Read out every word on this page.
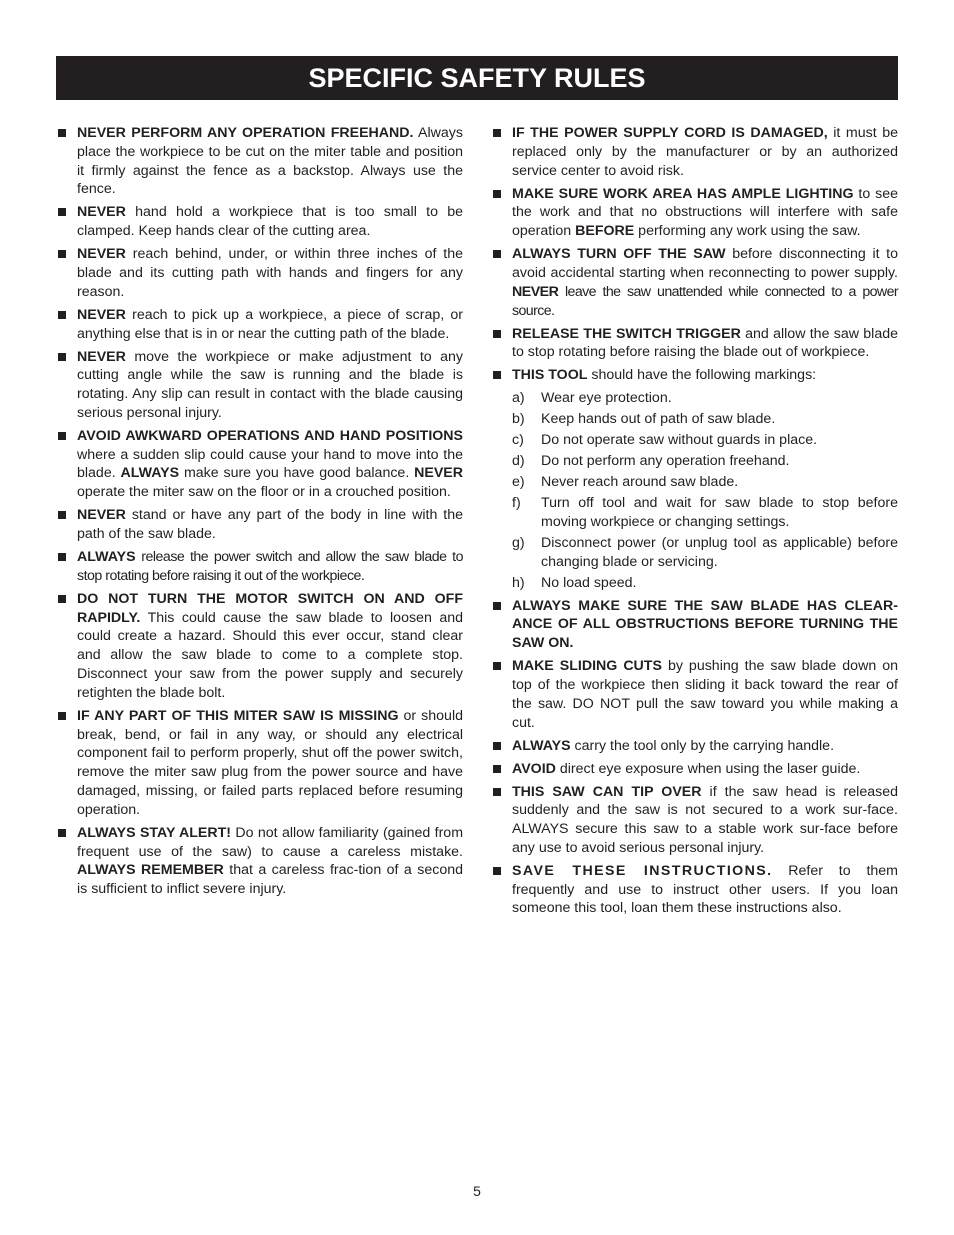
SPECIFIC SAFETY RULES
NEVER PERFORM ANY OPERATION FREEHAND. Always place the workpiece to be cut on the miter table and position it firmly against the fence as a backstop. Always use the fence.
NEVER hand hold a workpiece that is too small to be clamped. Keep hands clear of the cutting area.
NEVER reach behind, under, or within three inches of the blade and its cutting path with hands and fingers for any reason.
NEVER reach to pick up a workpiece, a piece of scrap, or anything else that is in or near the cutting path of the blade.
NEVER move the workpiece or make adjustment to any cutting angle while the saw is running and the blade is rotating. Any slip can result in contact with the blade causing serious personal injury.
AVOID AWKWARD OPERATIONS AND HAND POSITIONS where a sudden slip could cause your hand to move into the blade. ALWAYS make sure you have good balance. NEVER operate the miter saw on the floor or in a crouched position.
NEVER stand or have any part of the body in line with the path of the saw blade.
ALWAYS release the power switch and allow the saw blade to stop rotating before raising it out of the workpiece.
DO NOT TURN THE MOTOR SWITCH ON AND OFF RAPIDLY. This could cause the saw blade to loosen and could create a hazard. Should this ever occur, stand clear and allow the saw blade to come to a complete stop. Disconnect your saw from the power supply and securely retighten the blade bolt.
IF ANY PART OF THIS MITER SAW IS MISSING or should break, bend, or fail in any way, or should any electrical component fail to perform properly, shut off the power switch, remove the miter saw plug from the power source and have damaged, missing, or failed parts replaced before resuming operation.
ALWAYS STAY ALERT! Do not allow familiarity (gained from frequent use of the saw) to cause a careless mistake. ALWAYS REMEMBER that a careless frac-tion of a second is sufficient to inflict severe injury.
IF THE POWER SUPPLY CORD IS DAMAGED, it must be replaced only by the manufacturer or by an authorized service center to avoid risk.
MAKE SURE WORK AREA HAS AMPLE LIGHTING to see the work and that no obstructions will interfere with safe operation BEFORE performing any work using the saw.
ALWAYS TURN OFF THE SAW before disconnecting it to avoid accidental starting when reconnecting to power supply. NEVER leave the saw unattended while connected to a power source.
RELEASE THE SWITCH TRIGGER and allow the saw blade to stop rotating before raising the blade out of workpiece.
THIS TOOL should have the following markings:
a) Wear eye protection.
b) Keep hands out of path of saw blade.
c) Do not operate saw without guards in place.
d) Do not perform any operation freehand.
e) Never reach around saw blade.
f) Turn off tool and wait for saw blade to stop before moving workpiece or changing settings.
g) Disconnect power (or unplug tool as applicable) before changing blade or servicing.
h) No load speed.
ALWAYS MAKE SURE THE SAW BLADE HAS CLEAR-ANCE OF ALL OBSTRUCTIONS BEFORE TURNING THE SAW ON.
MAKE SLIDING CUTS by pushing the saw blade down on top of the workpiece then sliding it back toward the rear of the saw. DO NOT pull the saw toward you while making a cut.
ALWAYS carry the tool only by the carrying handle.
AVOID direct eye exposure when using the laser guide.
THIS SAW CAN TIP OVER if the saw head is released suddenly and the saw is not secured to a work sur-face. ALWAYS secure this saw to a stable work sur-face before any use to avoid serious personal injury.
SAVE THESE INSTRUCTIONS. Refer to them frequently and use to instruct other users. If you loan someone this tool, loan them these instructions also.
5
